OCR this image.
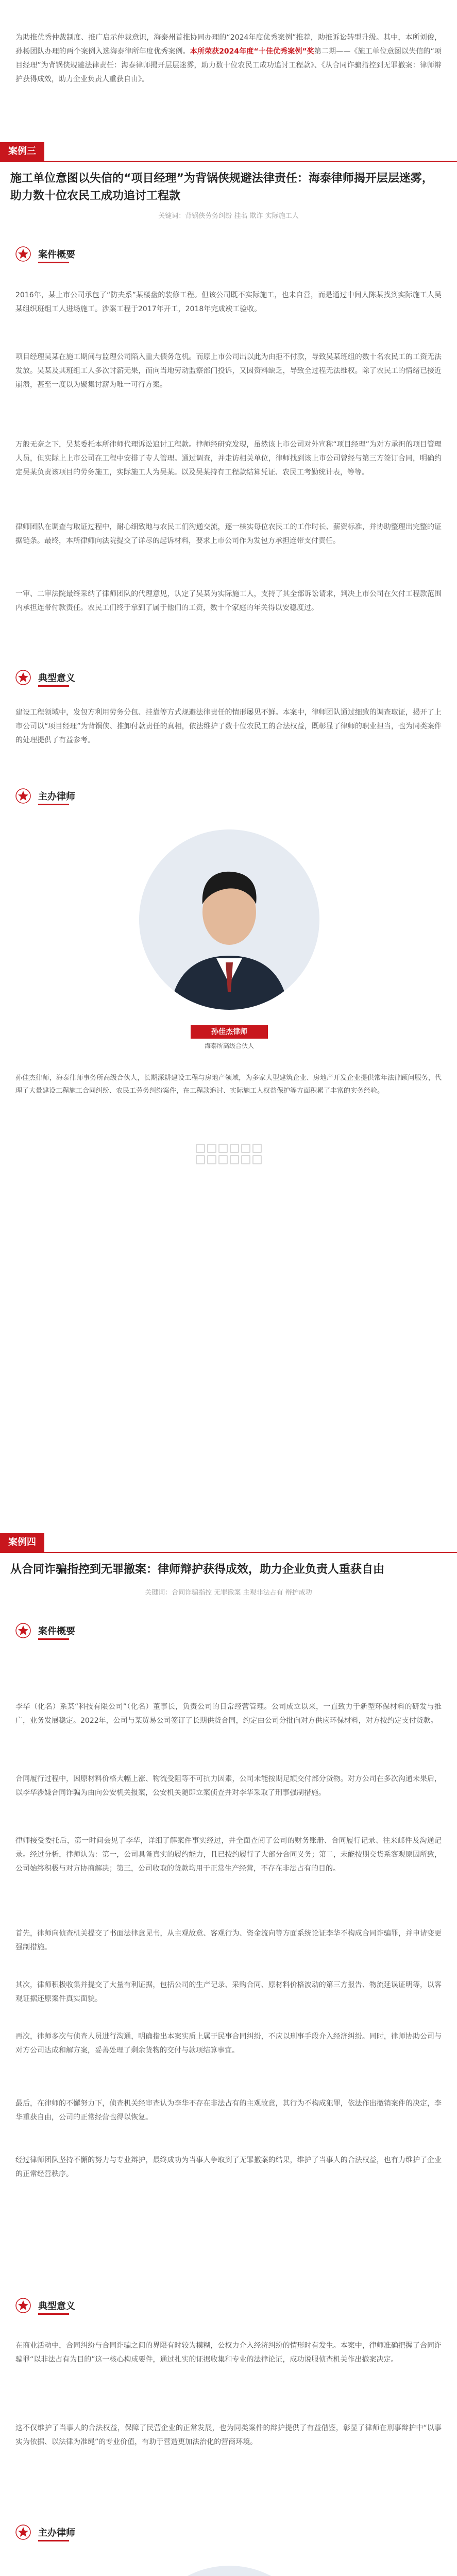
为助推优秀仲裁制度、推广启示仲裁意识，海泰州首推协同办理的“2024年度优秀案例”推荐，助推诉讼转型升级。其中，本所刘俊，孙杨团队办理的两个案例入选海泰律所年度优秀案例。本所荣获2024年度“十佳优秀案例”奖第二期——《施工单位意图以失信的“项目经理”为背锅侠规避法律责任：海泰律师揭开层层迷雾，助力数十位农民工成功追讨工程款》、《从合同诈骗指控到无罪撤案：律师辩护获得成效，助力企业负责人重获自由》。
案例三
施工单位意图以失信的“项目经理”为背锅侠规避法律责任：海泰律师揭开层层迷雾，助力数十位农民工成功追讨工程款
关键词：背锅侠劳务纠纷 挂名 欺诈 实际施工人
案件概要
2016年，某上市公司承包了“防夫系”某楼盘的装修工程。但该公司既不实际施工，也未自营，而是通过中间人陈某找到实际施工人吴某组织班组工人进场施工。涉案工程于2017年开工，2018年完成竣工验收。
项目经理吴某在施工期间与监理公司陷入重大债务危机。而原上市公司出以此为由拒不付款，导致吴某班组的数十名农民工的工资无法发放。吴某及其班组工人多次讨薪无果，而向当地劳动监察部门投诉，又因资料缺乏，导致全过程无法维权。除了农民工的情绪已接近崩溃，甚至一度以为聚集讨薪为唯一可行方案。
万般无奈之下，吴某委托本所律师代理诉讼追讨工程款。律师经研究发现，虽然该上市公司对外宣称“项目经理”为对方承担的项目管理人员，但实际上上市公司在工程中安排了专人管理。通过调查，并走访相关单位，律师找到该上市公司曾经与第三方签订合同，明确约定吴某负责该项目的劳务施工，实际施工人为吴某。以及吴某持有工程款结算凭证、农民工考勤统计表，等等。
律师团队在调查与取证过程中，耐心细致地与农民工们沟通交流，逐一核实每位农民工的工作时长、薪资标准，并协助整理出完整的证据链条。最终，本所律师向法院提交了详尽的起诉材料，要求上市公司作为发包方承担连带支付责任。
一审、二审法院最终采纳了律师团队的代理意见，认定了吴某为实际施工人，支持了其全部诉讼请求，判决上市公司在欠付工程款范围内承担连带付款责任。农民工们终于拿到了属于他们的工资，数十个家庭的年关得以安稳度过。
典型意义
建设工程领域中，发包方利用劳务分包、挂靠等方式规避法律责任的情形屡见不鲜。本案中，律师团队通过细致的调查取证，揭开了上市公司以“项目经理”为背锅侠、推卸付款责任的真相，依法维护了数十位农民工的合法权益，既彰显了律师的职业担当，也为同类案件的处理提供了有益参考。
主办律师
孙佳杰律师
海泰所高级合伙人
孙佳杰律师，海泰律师事务所高级合伙人，长期深耕建设工程与房地产领域，为多家大型建筑企业、房地产开发企业提供常年法律顾问服务，代理了大量建设工程施工合同纠纷、农民工劳务纠纷案件，在工程款追讨、实际施工人权益保护等方面积累了丰富的实务经验。
案例四
从合同诈骗指控到无罪撤案：律师辩护获得成效，助力企业负责人重获自由
关键词：合同诈骗指控 无罪撤案 主观非法占有 辩护成功
案件概要
李华（化名）系某“科技有限公司”（化名）董事长，负责公司的日常经营管理。公司成立以来，一直致力于新型环保材料的研发与推广，业务发展稳定。2022年，公司与某贸易公司签订了长期供货合同，约定由公司分批向对方供应环保材料，对方按约定支付货款。
合同履行过程中，因原材料价格大幅上涨、物流受阻等不可抗力因素，公司未能按期足额交付部分货物。对方公司在多次沟通未果后，以李华涉嫌合同诈骗为由向公安机关报案，公安机关随即立案侦查并对李华采取了刑事强制措施。
律师接受委托后，第一时间会见了李华，详细了解案件事实经过，并全面查阅了公司的财务账册、合同履行记录、往来邮件及沟通记录。经过分析，律师认为：第一，公司具备真实的履约能力，且已按约履行了大部分合同义务；第二，未能按期交货系客观原因所致，公司始终积极与对方协商解决；第三，公司收取的货款均用于正常生产经营，不存在非法占有的目的。
首先，律师向侦查机关提交了书面法律意见书，从主观故意、客观行为、资金流向等方面系统论证李华不构成合同诈骗罪，并申请变更强制措施。
其次，律师积极收集并提交了大量有利证据，包括公司的生产记录、采购合同、原材料价格波动的第三方报告、物流延误证明等，以客观证据还原案件真实面貌。
再次，律师多次与侦查人员进行沟通，明确指出本案实质上属于民事合同纠纷，不应以刑事手段介入经济纠纷。同时，律师协助公司与对方公司达成和解方案，妥善处理了剩余货物的交付与款项结算事宜。
最后，在律师的不懈努力下，侦查机关经审查认为李华不存在非法占有的主观故意，其行为不构成犯罪，依法作出撤销案件的决定，李华重获自由，公司的正常经营也得以恢复。
经过律师团队坚持不懈的努力与专业辩护，最终成功为当事人争取到了无罪撤案的结果，维护了当事人的合法权益，也有力维护了企业的正常经营秩序。
典型意义
在商业活动中，合同纠纷与合同诈骗之间的界限有时较为模糊，公权力介入经济纠纷的情形时有发生。本案中，律师准确把握了合同诈骗罪“以非法占有为目的”这一核心构成要件，通过扎实的证据收集和专业的法律论证，成功说服侦查机关作出撤案决定。
这不仅维护了当事人的合法权益，保障了民营企业的正常发展，也为同类案件的辩护提供了有益借鉴，彰显了律师在刑事辩护中“以事实为依据、以法律为准绳”的专业价值，有助于营造更加法治化的营商环境。
主办律师
